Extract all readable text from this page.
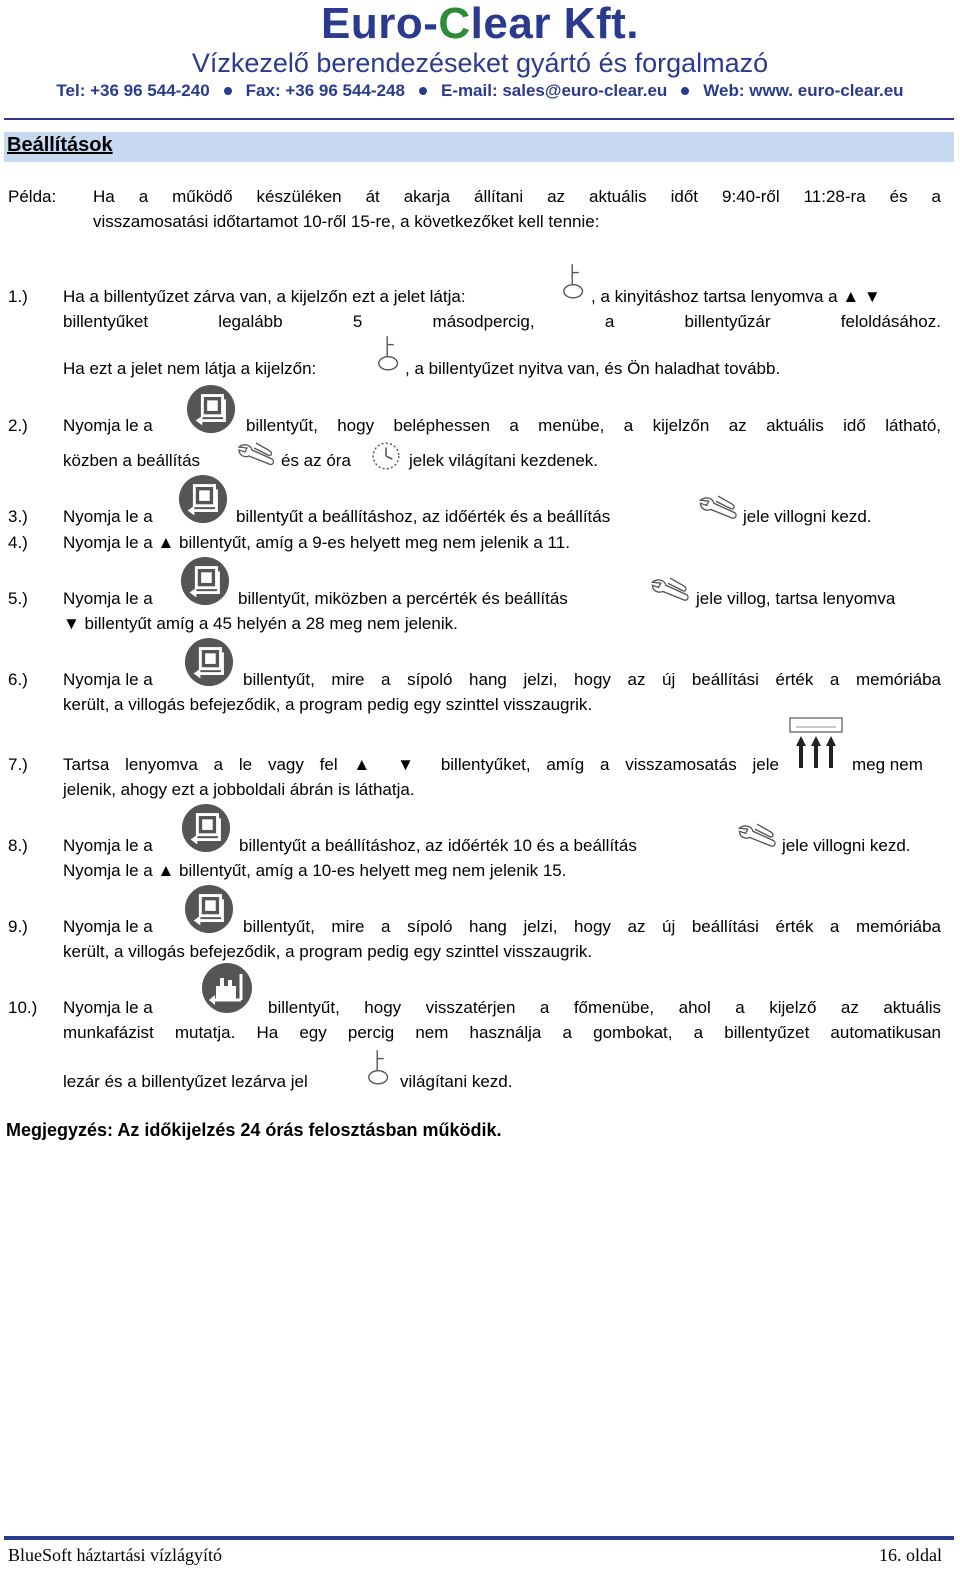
Euro-Clear Kft.
Vízkezelő berendezéseket gyártó és forgalmazó
Tel: +36 96 544-240 Fax: +36 96 544-248 E-mail: sales@euro-clear.eu Web: www. euro-clear.eu
Beállítások
Példa: Ha a működő készüléken át akarja állítani az aktuális időt 9:40-ről 11:28-ra és a
visszamosatási időtartamot 10-ről 15-re, a következőket kell tennie:
1.) Ha a billentyűzet zárva van, a kijelzőn ezt a jelet látja:	, a kinyitáshoz tartsa lenyomva a ▲ ▼
billentyűket legalább 5 másodpercig, a billentyűzár feloldásához.
Ha ezt a jelet nem látja a kijelzőn:	, a billentyűzet nyitva van, és Ön haladhat tovább.
2.) Nyomja le a	billentyűt, hogy beléphessen a menübe, a kijelzőn az aktuális idő látható,
közben a beállítás	és az óra	jelek világítani kezdenek.
3.) Nyomja le a	billentyűt a beállításhoz, az időérték és a beállítás	jele villogni kezd.
4.) Nyomja le a ▲ billentyűt, amíg a 9-es helyett meg nem jelenik a 11.
5.) Nyomja le a	billentyűt, miközben a percérték és beállítás	jele villog, tartsa lenyomva
▼ billentyűt amíg a 45 helyén a 28 meg nem jelenik.
6.) Nyomja le a	billentyűt, mire a sípoló hang jelzi, hogy az új beállítási érték a memóriába
került, a villogás befejeződik, a program pedig egy szinttel visszaugrik.
7.) Tartsa lenyomva a le vagy fel ▲ ▼ billentyűket, amíg a visszamosatás jele	meg nem
jelenik, ahogy ezt a jobboldali ábrán is láthatja.
8.) Nyomja le a	billentyűt a beállításhoz, az időérték 10 és a beállítás	jele villogni kezd.
Nyomja le a ▲ billentyűt, amíg a 10-es helyett meg nem jelenik 15.
9.) Nyomja le a	billentyűt, mire a sípoló hang jelzi, hogy az új beállítási érték a memóriába
került, a villogás befejeződik, a program pedig egy szinttel visszaugrik.
10.) Nyomja le a	billentyűt, hogy visszatérjen a főmenübe, ahol a kijelző az aktuális
munkafázist mutatja. Ha egy percig nem használja a gombokat, a billentyűzet automatikusan
lezár és a billentyűzet lezárva jel	világítani kezd.
Megjegyzés: Az időkijelzés 24 órás felosztásban működik.
BlueSoft háztartási vízlágyító	16. oldal
